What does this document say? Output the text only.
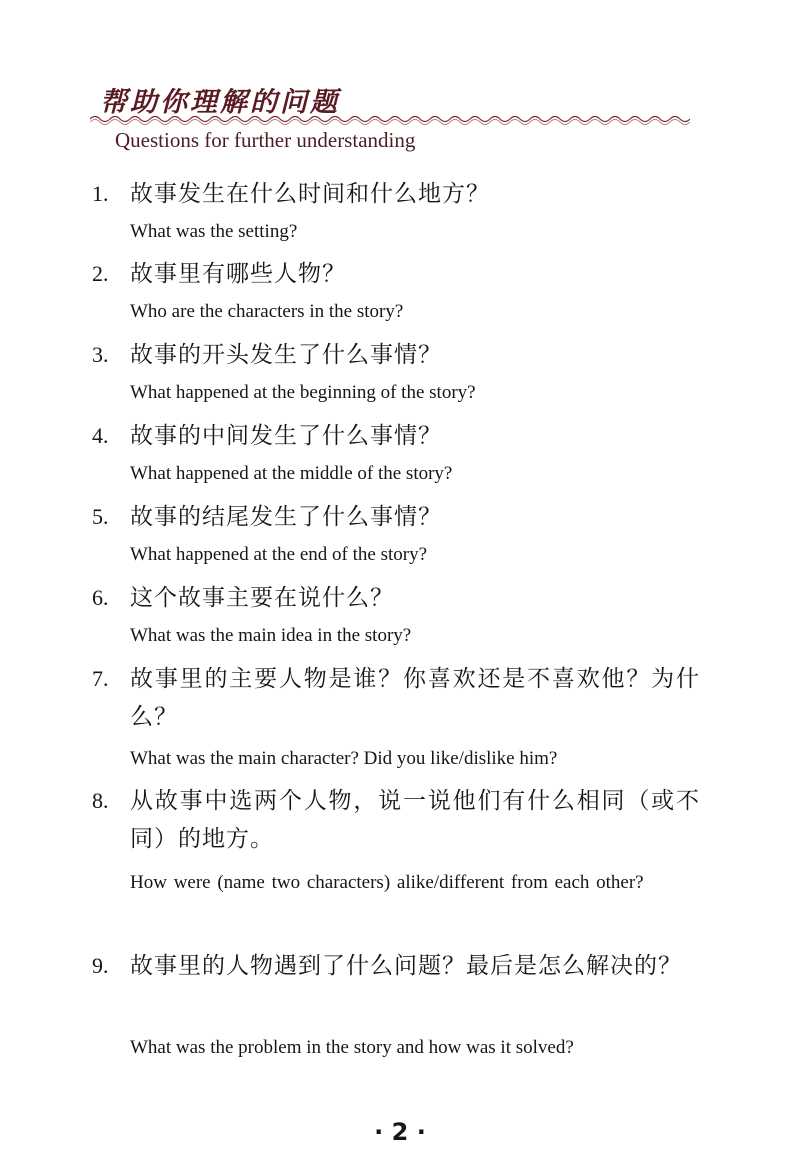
帮助你理解的问题
Questions for further understanding
1. 故事发生在什么时间和什么地方？
What was the setting?
2. 故事里有哪些人物？
Who are the characters in the story?
3. 故事的开头发生了什么事情？
What happened at the beginning of the story?
4. 故事的中间发生了什么事情？
What happened at the middle of the story?
5. 故事的结尾发生了什么事情？
What happened at the end of the story?
6. 这个故事主要在说什么？
What was the main idea in the story?
7. 故事里的主要人物是谁？你喜欢还是不喜欢他？为什么？
What was the main character? Did you like/dislike him?
8. 从故事中选两个人物，说一说他们有什么相同（或不同）的地方。
How were (name two characters) alike/different from each other?
9. 故事里的人物遇到了什么问题？最后是怎么解决的？
What was the problem in the story and how was it solved?
· 2 ·
